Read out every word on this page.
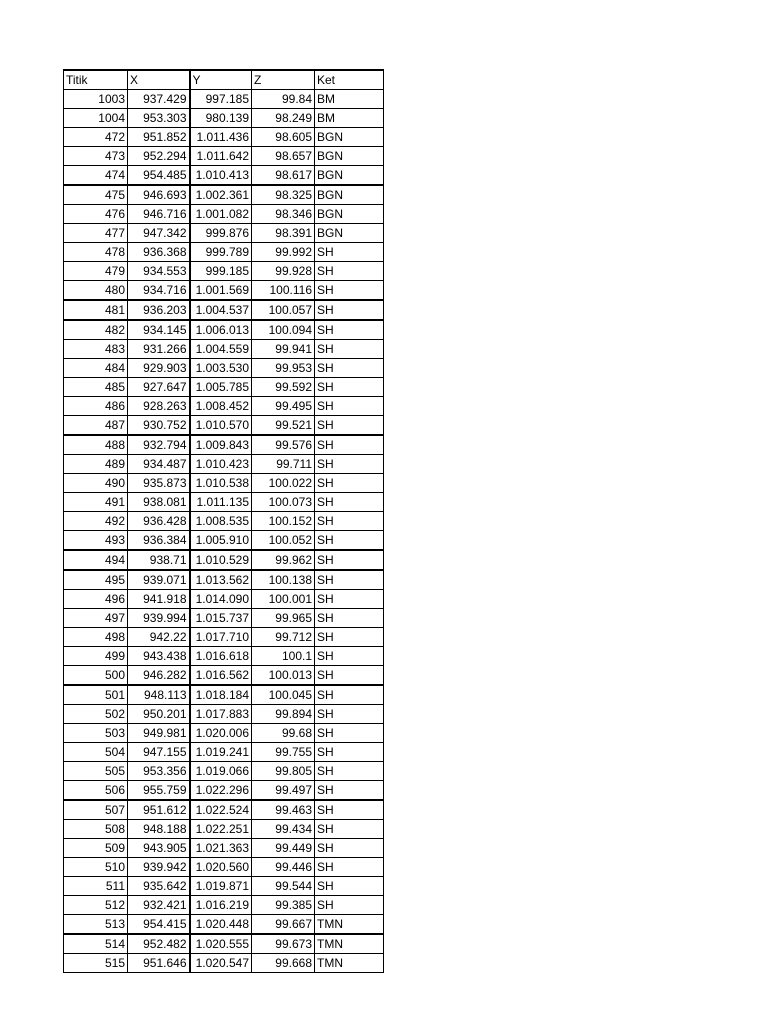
Titik	X	Y	Z	Ket
1003	937.429	997.185	99.84	BM
1004	953.303	980.139	98.249	BM
472	951.852	1.011.436	98.605	BGN
473	952.294	1.011.642	98.657	BGN
474	954.485	1.010.413	98.617	BGN
475	946.693	1.002.361	98.325	BGN
476	946.716	1.001.082	98.346	BGN
477	947.342	999.876	98.391	BGN
478	936.368	999.789	99.992	SH
479	934.553	999.185	99.928	SH
480	934.716	1.001.569	100.116	SH
481	936.203	1.004.537	100.057	SH
482	934.145	1.006.013	100.094	SH
483	931.266	1.004.559	99.941	SH
484	929.903	1.003.530	99.953	SH
485	927.647	1.005.785	99.592	SH
486	928.263	1.008.452	99.495	SH
487	930.752	1.010.570	99.521	SH
488	932.794	1.009.843	99.576	SH
489	934.487	1.010.423	99.711	SH
490	935.873	1.010.538	100.022	SH
491	938.081	1.011.135	100.073	SH
492	936.428	1.008.535	100.152	SH
493	936.384	1.005.910	100.052	SH
494	938.71	1.010.529	99.962	SH
495	939.071	1.013.562	100.138	SH
496	941.918	1.014.090	100.001	SH
497	939.994	1.015.737	99.965	SH
498	942.22	1.017.710	99.712	SH
499	943.438	1.016.618	100.1	SH
500	946.282	1.016.562	100.013	SH
501	948.113	1.018.184	100.045	SH
502	950.201	1.017.883	99.894	SH
503	949.981	1.020.006	99.68	SH
504	947.155	1.019.241	99.755	SH
505	953.356	1.019.066	99.805	SH
506	955.759	1.022.296	99.497	SH
507	951.612	1.022.524	99.463	SH
508	948.188	1.022.251	99.434	SH
509	943.905	1.021.363	99.449	SH
510	939.942	1.020.560	99.446	SH
511	935.642	1.019.871	99.544	SH
512	932.421	1.016.219	99.385	SH
513	954.415	1.020.448	99.667	TMN
514	952.482	1.020.555	99.673	TMN
515	951.646	1.020.547	99.668	TMN
